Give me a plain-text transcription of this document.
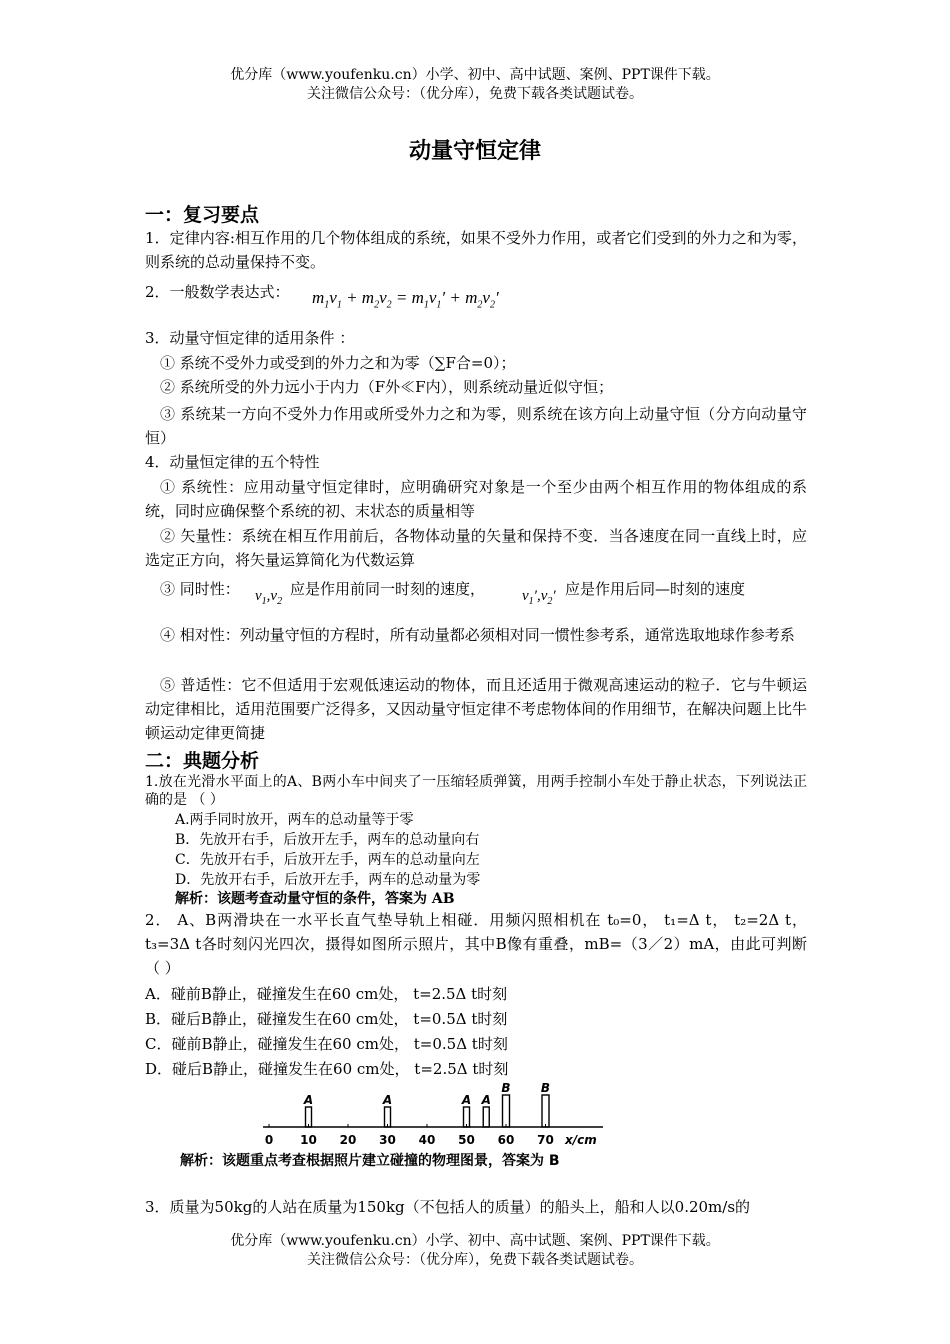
优分库（www.youfenku.cn）小学、初中、高中试题、案例、PPT课件下载。
关注微信公众号：（优分库），免费下载各类试题试卷。
动量守恒定律
一：复习要点
1．定律内容:相互作用的几个物体组成的系统，如果不受外力作用，或者它们受到的外力之和为零，则系统的总动量保持不变。
2．一般数学表达式： $m_1v_1 + m_2v_2 = m_1v_1' + m_2v_2'$
3．动量守恒定律的适用条件 ：
① 系统不受外力或受到的外力之和为零（∑F合=0）；
② 系统所受的外力远小于内力（F外≪F内），则系统动量近似守恒；
③ 系统某一方向不受外力作用或所受外力之和为零，则系统在该方向上动量守恒（分方向动量守恒）
4．动量恒定律的五个特性
① 系统性：应用动量守恒定律时，应明确研究对象是一个至少由两个相互作用的物体组成的系统，同时应确保整个系统的初、末状态的质量相等
② 矢量性：系统在相互作用前后，各物体动量的矢量和保持不变．当各速度在同一直线上时，应选定正方向，将矢量运算简化为代数运算
③ 同时性： $v_1,v_2$
应是作用前同一时刻的速度， $v_1',v_2'$ 应是作用后同—时刻的速度
④ 相对性：列动量守恒的方程时，所有动量都必须相对同一惯性参考系，通常选取地球作参考系
⑤ 普适性：它不但适用于宏观低速运动的物体，而且还适用于微观高速运动的粒子．它与牛顿运动定律相比，适用范围要广泛得多，又因动量守恒定律不考虑物体间的作用细节，在解决问题上比牛顿运动定律更简捷
二：典题分析
1.放在光滑水平面上的A、B两小车中间夹了一压缩轻质弹簧，用两手控制小车处于静止状态，下列说法正确的是 （ ）
A.两手同时放开，两车的总动量等于零
B．先放开右手，后放开左手，两车的总动量向右
C．先放开右手，后放开左手，两车的总动量向左
D．先放开右手，后放开左手，两车的总动量为零
解析：该题考查动量守恒的条件，答案为 AB
2． A、B两滑块在一水平长直气垫导轨上相碰．用频闪照相机在 t₀=0， t₁=Δ t， t₂=2Δ t， t₃=3Δ t各时刻闪光四次，摄得如图所示照片，其中B像有重叠，mB=（3／2）mA，由此可判断 （ ）
A．碰前B静止，碰撞发生在60 cm处， t=2.5Δ t时刻
B．碰后B静止，碰撞发生在60 cm处， t=0.5Δ t时刻
C．碰前B静止，碰撞发生在60 cm处， t=0.5Δ t时刻
D．碰后B静止，碰撞发生在60 cm处， t=2.5Δ t时刻
A	A	A A
B	B
0 10 20 30 40 50 60 70 x/cm
解析：该题重点考查根据照片建立碰撞的物理图景，答案为 B
3．质量为50kg的人站在质量为150kg（不包括人的质量）的船头上，船和人以0.20m/s的
优分库（www.youfenku.cn）小学、初中、高中试题、案例、PPT课件下载。
关注微信公众号：（优分库），免费下载各类试题试卷。
